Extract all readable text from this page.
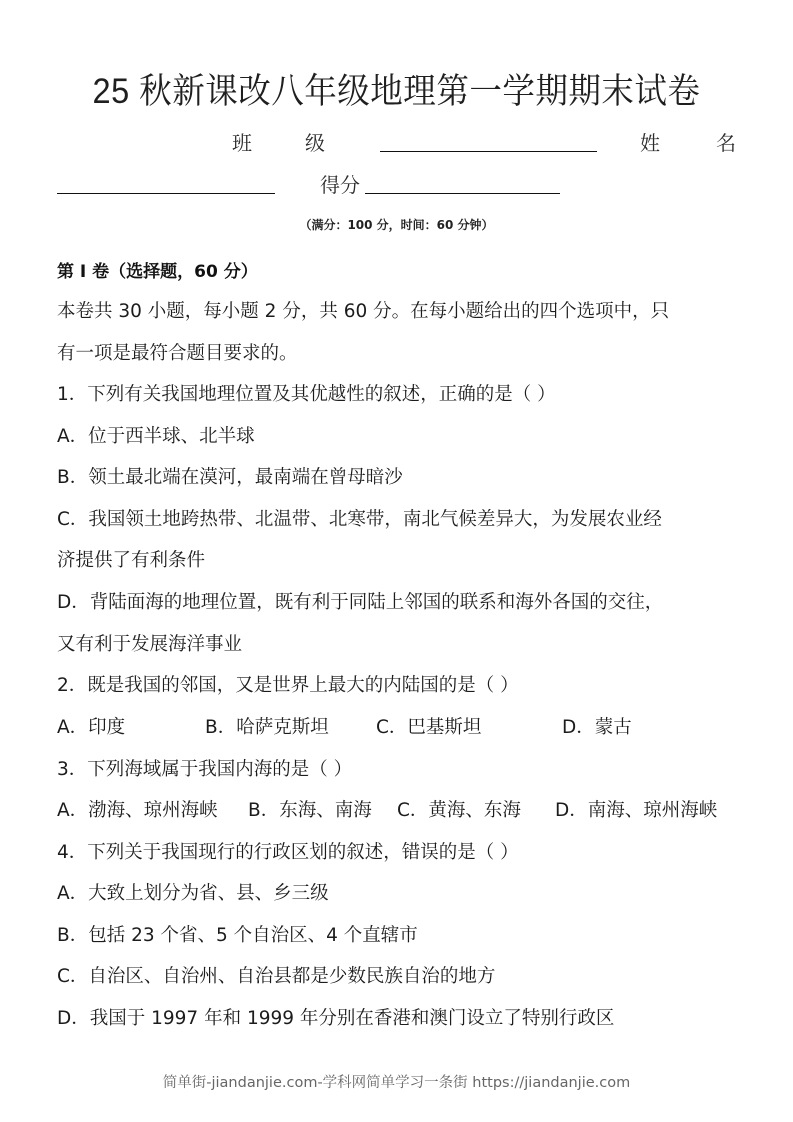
25 秋新课改八年级地理第一学期期末试卷
班	级	姓	名
得分
（满分：100 分，时间：60 分钟）
第 I 卷（选择题，60 分）
本卷共 30 小题，每小题 2 分，共 60 分。在每小题给出的四个选项中，只
有一项是最符合题目要求的。
1．下列有关我国地理位置及其优越性的叙述，正确的是（ ）
A．位于西半球、北半球
B．领土最北端在漠河，最南端在曾母暗沙
C．我国领土地跨热带、北温带、北寒带，南北气候差异大，为发展农业经
济提供了有利条件
D．背陆面海的地理位置，既有利于同陆上邻国的联系和海外各国的交往，
又有利于发展海洋事业
2．既是我国的邻国，又是世界上最大的内陆国的是（ ）
A．印度	B．哈萨克斯坦	C．巴基斯坦	D．蒙古
3．下列海域属于我国内海的是（ ）
A．渤海、琼州海峡 B．东海、南海 C．黄海、东海 D．南海、琼州海峡
4．下列关于我国现行的行政区划的叙述，错误的是（ ）
A．大致上划分为省、县、乡三级
B．包括 23 个省、5 个自治区、4 个直辖市
C．自治区、自治州、自治县都是少数民族自治的地方
D．我国于 1997 年和 1999 年分别在香港和澳门设立了特别行政区
简单街-jiandanjie.com-学科网简单学习一条街 https://jiandanjie.com
